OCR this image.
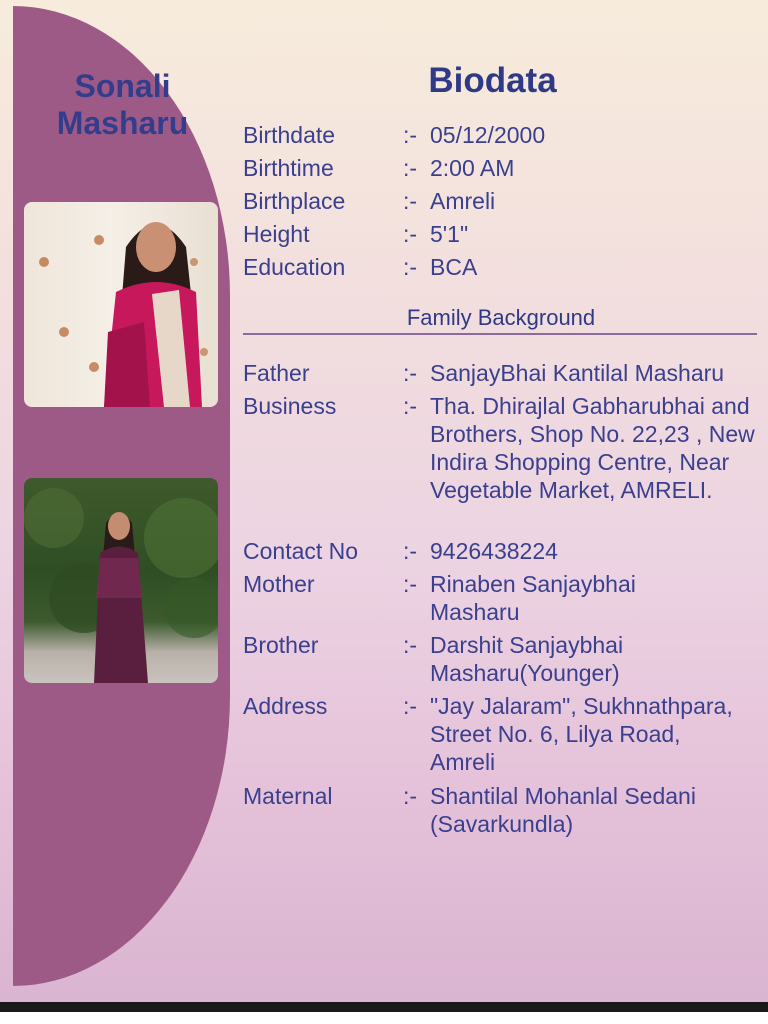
Sonali
Masharu
Biodata
Birthdate	:- 05/12/2000
Birthtime	:- 2:00 AM
Birthplace	:- Amreli
Height	:- 5'1"
Education	:- BCA
Family Background
Father	:- SanjayBhai Kantilal Masharu
Business	:- Tha. Dhirajlal Gabharubhai and Brothers, Shop No. 22,23 , New Indira Shopping Centre, Near Vegetable Market, AMRELI.
Contact No :- 9426438224
Mother	:- Rinaben Sanjaybhai Masharu
Brother	:- Darshit Sanjaybhai Masharu(Younger)
Address	:- "Jay Jalaram", Sukhnathpara, Street No. 6, Lilya Road, Amreli
Maternal	:- Shantilal Mohanlal Sedani (Savarkundla)
